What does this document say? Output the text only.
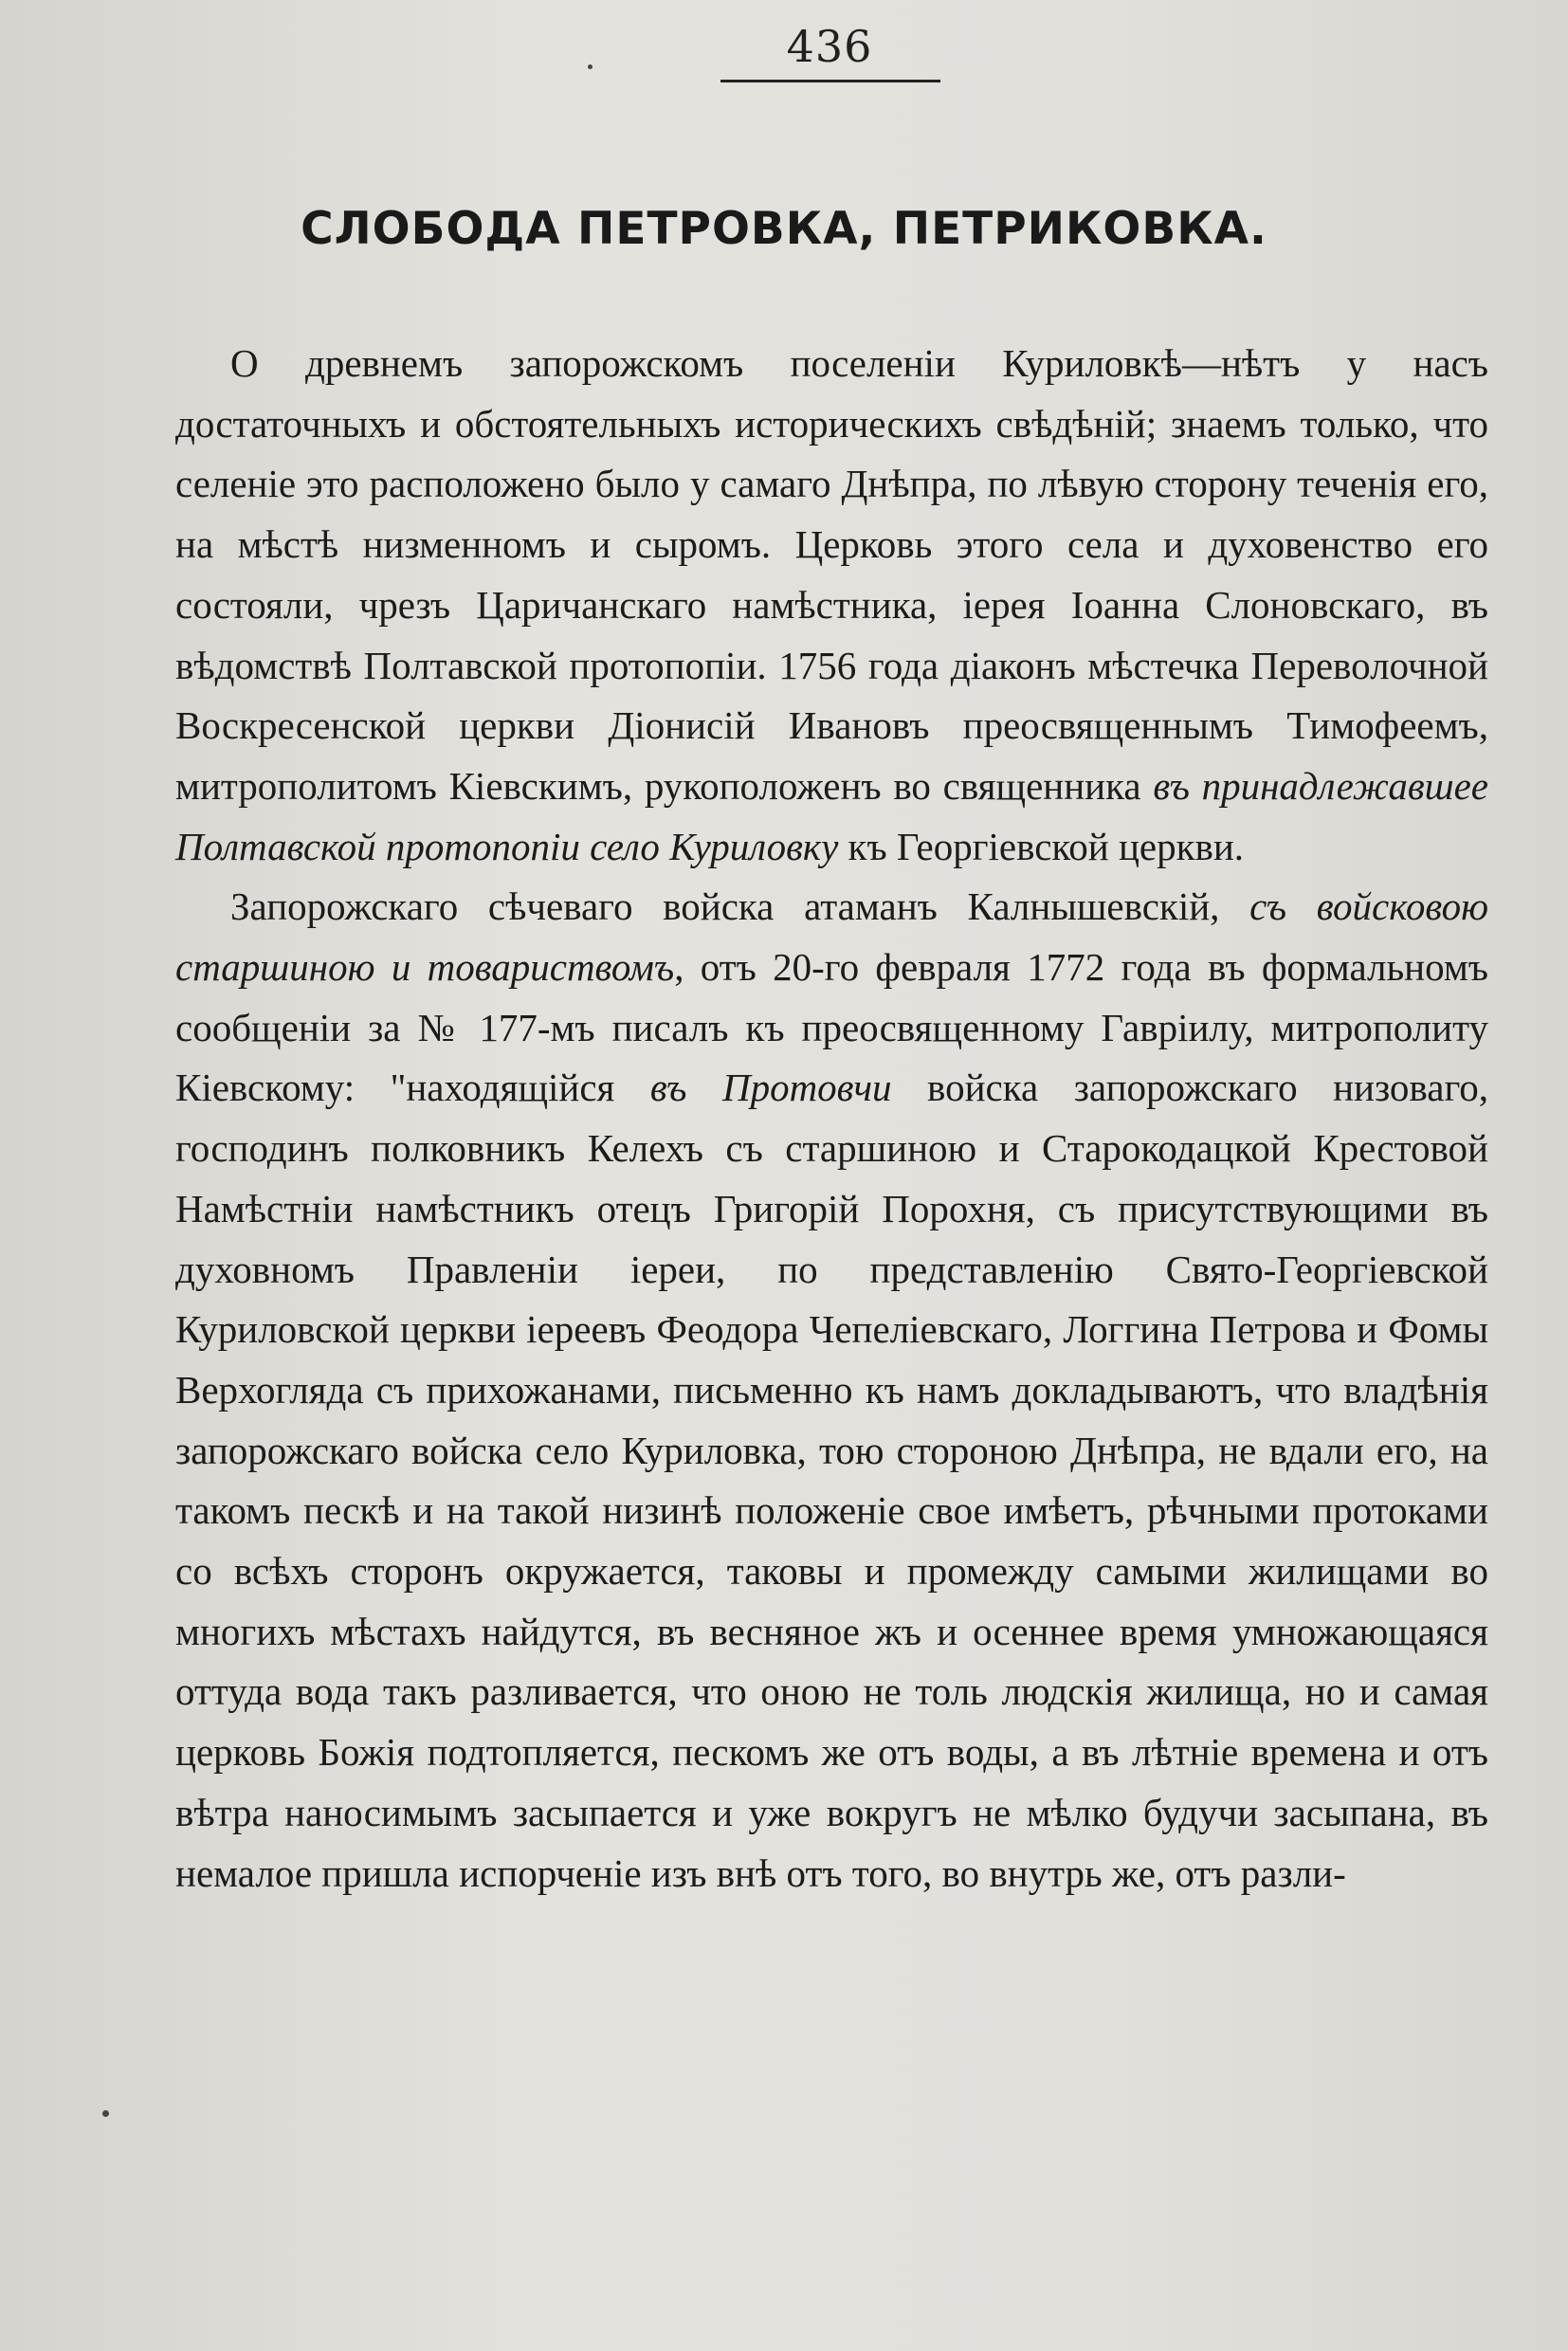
436
СЛОБОДА ПЕТРОВКА, ПЕТРИКОВКА.

О древнемъ запорожскомъ поселеніи Куриловкѣ—нѣтъ у насъ достаточныхъ и обстоятельныхъ историческихъ свѣдѣній; знаемъ только, что селеніе это расположено было у самаго Днѣпра, по лѣвую сторону теченія его, на мѣстѣ низменномъ и сыромъ. Церковь этого села и духовенство его состояли, чрезъ Царичанскаго намѣстника, іерея Іоанна Слоновскаго, въ вѣдомствѣ Полтавской протопопіи. 1756 года діаконъ мѣстечка Переволочной Воскресенской церкви Діонисій Ивановъ преосвященнымъ Тимофеемъ, митрополитомъ Кіевскимъ, рукоположенъ во священника въ принадлежавшее Полтавской протопопіи село Куриловку къ Георгіевской церкви.

Запорожскаго сѣчеваго войска атаманъ Калнышевскій, съ войсковою старшиною и товариствомъ, отъ 20-го февраля 1772 года въ формальномъ сообщеніи за № 177-мъ писалъ къ преосвященному Гавріилу, митрополиту Кіевскому: "находящійся въ Протовчи войска запорожскаго низоваго, господинъ полковникъ Келехъ съ старшиною и Старокодацкой Крестовой Намѣстніи намѣстникъ отецъ Григорій Порохня, съ присутствующими въ духовномъ Правленіи іереи, по представленію Свято-Георгіевской Куриловской церкви іереевъ Феодора Чепеліевскаго, Логгина Петрова и Фомы Верхогляда съ прихожанами, письменно къ намъ докладываютъ, что владѣнія запорожскаго войска село Куриловка, тою стороною Днѣпра, не вдали его, на такомъ пескѣ и на такой низинѣ положеніе свое имѣетъ, рѣчными протоками со всѣхъ сторонъ окружается, таковы и промежду самыми жилищами во многихъ мѣстахъ найдутся, въ весняное жъ и осеннее время умножающаяся оттуда вода такъ разливается, что оною не толь людскія жилища, но и самая церковь Божія подтопляется, пескомъ же отъ воды, а въ лѣтніе времена и отъ вѣтра наносимымъ засыпается и уже вокругъ не мѣлко будучи засыпана, въ немалое пришла испорченіе изъ внѣ отъ того, во внутрь же, отъ разли-
